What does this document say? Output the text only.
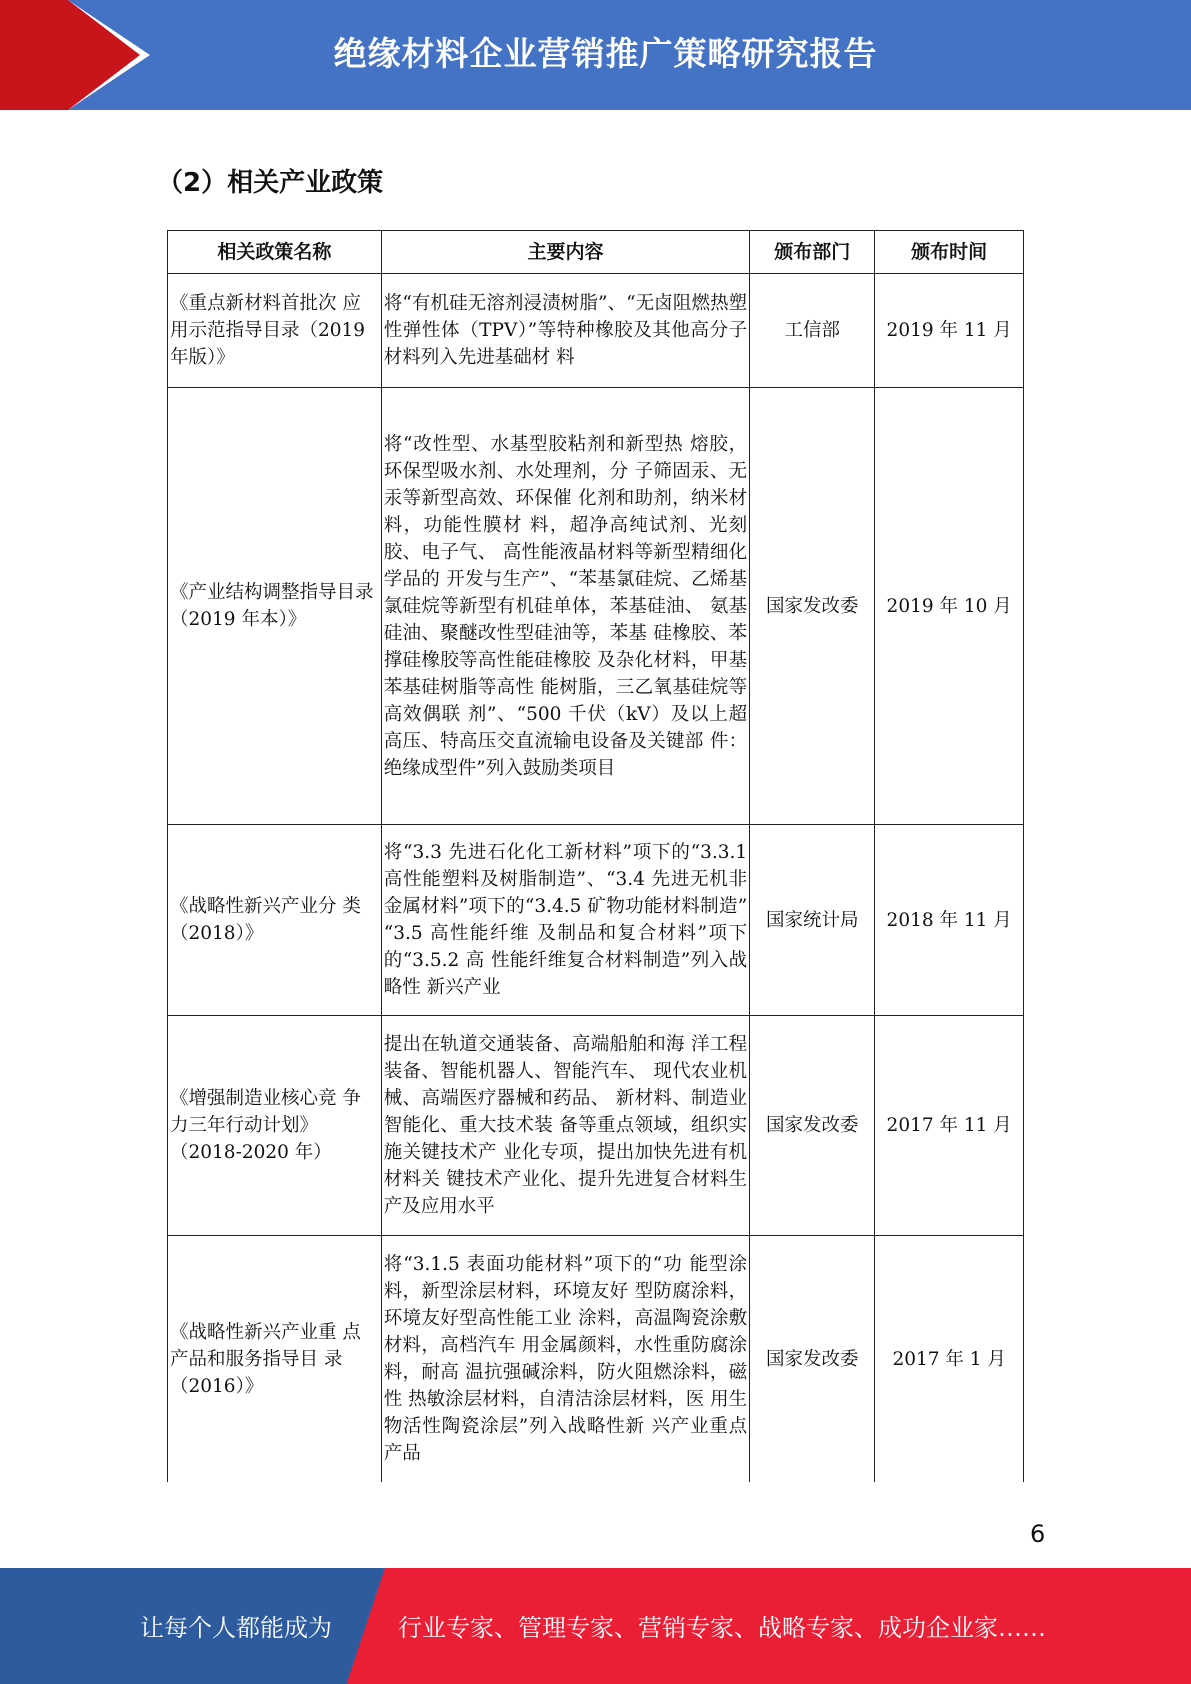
绝缘材料企业营销推广策略研究报告
（2）相关产业政策
相关政策名称	主要内容	颁布部门	颁布时间
《重点新材料首批次 应用示范指导目录（2019 年版）》	将“有机硅无溶剂浸渍树脂”、“无卤阻燃热塑性弹性体（TPV）”等特种橡胶及其他高分子材料列入先进基础材 料	工信部	2019 年 11 月
《产业结构调整指导目录（2019 年本）》	将“改性型、水基型胶粘剂和新型热 熔胶，环保型吸水剂、水处理剂，分 子筛固汞、无汞等新型高效、环保催 化剂和助剂，纳米材料，功能性膜材 料，超净高纯试剂、光刻胶、电子气、 高性能液晶材料等新型精细化学品的 开发与生产”、“苯基氯硅烷、乙烯基 氯硅烷等新型有机硅单体，苯基硅油、 氨基硅油、聚醚改性型硅油等，苯基 硅橡胶、苯撑硅橡胶等高性能硅橡胶 及杂化材料，甲基苯基硅树脂等高性 能树脂，三乙氧基硅烷等高效偶联 剂”、“500 千伏（kV）及以上超高压、特高压交直流输电设备及关键部 件： 绝缘成型件”列入鼓励类项目	国家发改委	2019 年 10 月
《战略性新兴产业分 类（2018）》	将“3.3 先进石化化工新材料”项下的“3.3.1 高性能塑料及树脂制造”、“3.4 先进无机非金属材料”项下的“3.4.5 矿物功能材料制造” “3.5 高性能纤维 及制品和复合材料”项下的“3.5.2 高 性能纤维复合材料制造”列入战略性 新兴产业	国家统计局	2018 年 11 月
《增强制造业核心竞 争力三年行动计划》（2018-2020 年）	提出在轨道交通装备、高端船舶和海 洋工程装备、智能机器人、智能汽车、 现代农业机械、高端医疗器械和药品、 新材料、制造业智能化、重大技术装 备等重点领域，组织实施关键技术产 业化专项，提出加快先进有机材料关 键技术产业化、提升先进复合材料生 产及应用水平	国家发改委	2017 年 11 月
《战略性新兴产业重 点产品和服务指导目 录（2016）》	将“3.1.5 表面功能材料”项下的“功 能型涂料，新型涂层材料，环境友好 型防腐涂料，环境友好型高性能工业 涂料，高温陶瓷涂敷材料，高档汽车 用金属颜料，水性重防腐涂料，耐高 温抗强碱涂料，防火阻燃涂料，磁性 热敏涂层材料，自清洁涂层材料，医 用生物活性陶瓷涂层”列入战略性新 兴产业重点产品	国家发改委	2017 年 1 月
6
让每个人都能成为	行业专家、管理专家、营销专家、战略专家、成功企业家……
